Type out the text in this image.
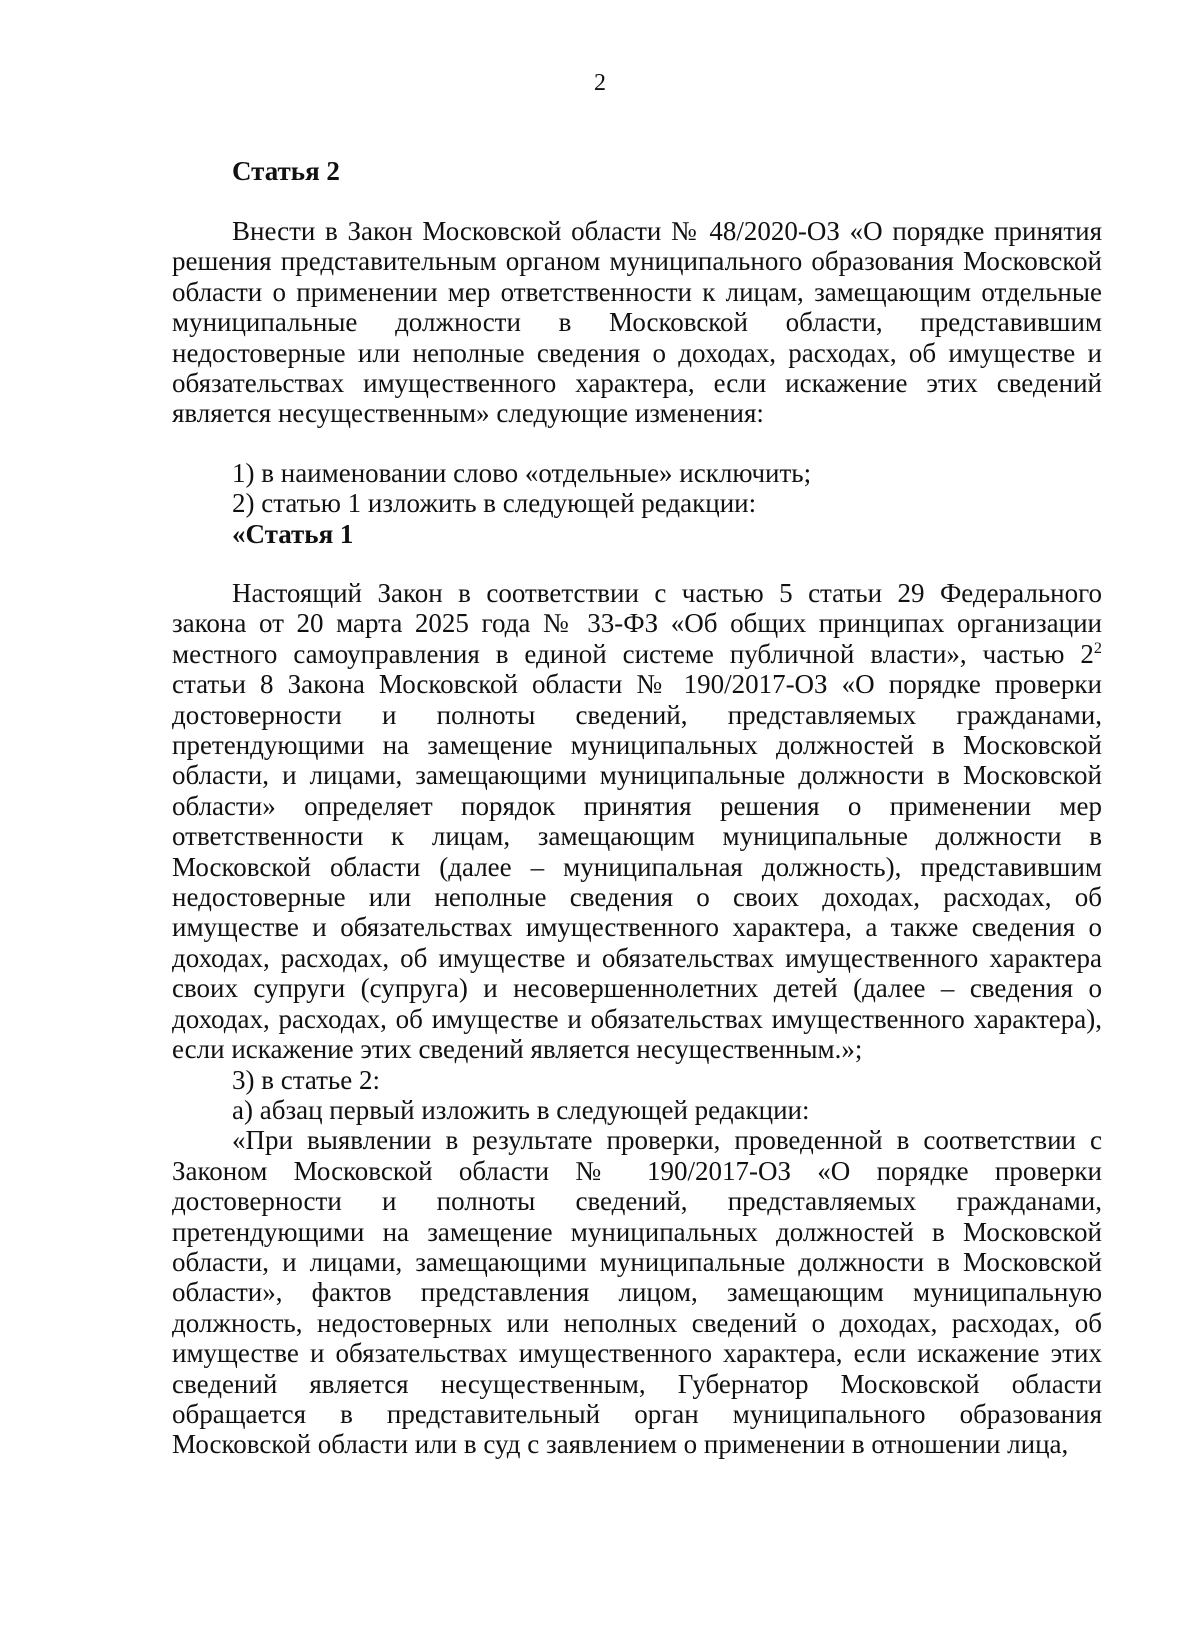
2
Статья 2

Внести в Закон Московской области № 48/2020-ОЗ «О порядке принятия решения представительным органом муниципального образования Московской области о применении мер ответственности к лицам, замещающим отдельные муниципальные должности в Московской области, представившим недостоверные или неполные сведения о доходах, расходах, об имуществе и обязательствах имущественного характера, если искажение этих сведений является несущественным» следующие изменения:

1) в наименовании слово «отдельные» исключить;

2) статью 1 изложить в следующей редакции:

«Статья 1

Настоящий Закон в соответствии с частью 5 статьи 29 Федерального закона от 20 марта 2025 года № 33-ФЗ «Об общих принципах организации местного самоуправления в единой системе публичной власти», частью $2^2$ статьи 8 Закона Московской области № 190/2017-ОЗ «О порядке проверки достоверности и полноты сведений, представляемых гражданами, претендующими на замещение муниципальных должностей в Московской области, и лицами, замещающими муниципальные должности в Московской области» определяет порядок принятия решения о применении мер ответственности к лицам, замещающим муниципальные должности в Московской области (далее – муниципальная должность), представившим недостоверные или неполные сведения о своих доходах, расходах, об имуществе и обязательствах имущественного характера, а также сведения о доходах, расходах, об имуществе и обязательствах имущественного характера своих супруги (супруга) и несовершеннолетних детей (далее – сведения о доходах, расходах, об имуществе и обязательствах имущественного характера), если искажение этих сведений является несущественным.»;

3) в статье 2:

а) абзац первый изложить в следующей редакции:

«При выявлении в результате проверки, проведенной в соответствии с Законом Московской области № 190/2017-ОЗ «О порядке проверки достоверности и полноты сведений, представляемых гражданами, претендующими на замещение муниципальных должностей в Московской области, и лицами, замещающими муниципальные должности в Московской области», фактов представления лицом, замещающим муниципальную должность, недостоверных или неполных сведений о доходах, расходах, об имуществе и обязательствах имущественного характера, если искажение этих сведений является несущественным, Губернатор Московской области обращается в представительный орган муниципального образования Московской области или в суд с заявлением о применении в отношении лица,
